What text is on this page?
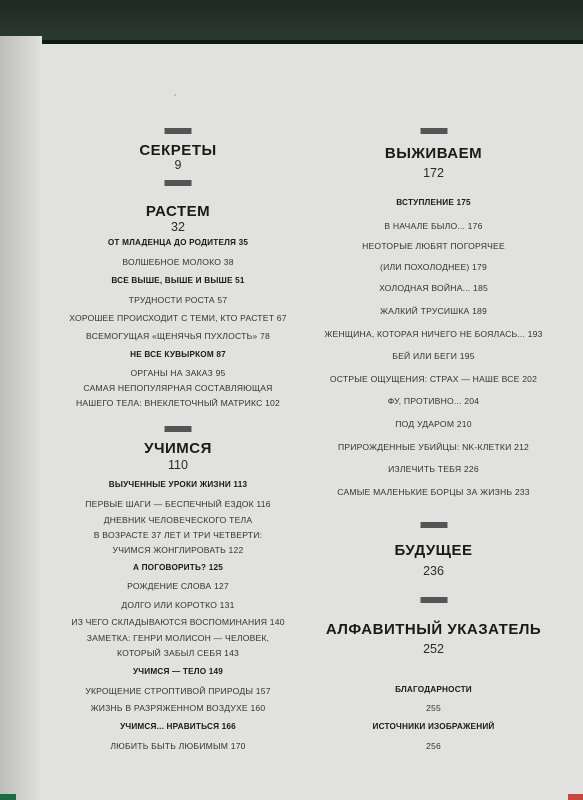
ˇ
СЕКРЕТЫ
9
РАСТЕМ
32
ОТ МЛАДЕНЦА ДО РОДИТЕЛЯ 35
ВОЛШЕБНОЕ МОЛОКО 38
ВСЕ ВЫШЕ, ВЫШЕ И ВЫШЕ 51
ТРУДНОСТИ РОСТА 57
ХОРОШЕЕ ПРОИСХОДИТ С ТЕМИ, КТО РАСТЕТ 67
ВСЕМОГУЩАЯ «ЩЕНЯЧЬЯ ПУХЛОСТЬ» 78
НЕ ВСЕ КУВЫРКОМ 87
ОРГАНЫ НА ЗАКАЗ 95
САМАЯ НЕПОПУЛЯРНАЯ СОСТАВЛЯЮЩАЯ
НАШЕГО ТЕЛА: ВНЕКЛЕТОЧНЫЙ МАТРИКС 102
УЧИМСЯ
110
ВЫУЧЕННЫЕ УРОКИ ЖИЗНИ 113
ПЕРВЫЕ ШАГИ — БЕСПЕЧНЫЙ ЕЗДОК 116
ДНЕВНИК ЧЕЛОВЕЧЕСКОГО ТЕЛА
В ВОЗРАСТЕ 37 ЛЕТ И ТРИ ЧЕТВЕРТИ:
УЧИМСЯ ЖОНГЛИРОВАТЬ 122
А ПОГОВОРИТЬ? 125
РОЖДЕНИЕ СЛОВА 127
ДОЛГО ИЛИ КОРОТКО 131
ИЗ ЧЕГО СКЛАДЫВАЮТСЯ ВОСПОМИНАНИЯ 140
ЗАМЕТКА: ГЕНРИ МОЛИСОН — ЧЕЛОВЕК,
КОТОРЫЙ ЗАБЫЛ СЕБЯ 143
УЧИМСЯ — ТЕЛО 149
УКРОЩЕНИЕ СТРОПТИВОЙ ПРИРОДЫ 157
ЖИЗНЬ В РАЗРЯЖЕННОМ ВОЗДУХЕ 160
УЧИМСЯ... НРАВИТЬСЯ 166
ЛЮБИТЬ БЫТЬ ЛЮБИМЫМ 170
ВЫЖИВАЕМ
172
ВСТУПЛЕНИЕ 175
В НАЧАЛЕ БЫЛО... 176
НЕОТОРЫЕ ЛЮБЯТ ПОГОРЯЧЕЕ
(ИЛИ ПОХОЛОДНЕЕ) 179
ХОЛОДНАЯ ВОЙНА... 185
ЖАЛКИЙ ТРУСИШКА 189
ЖЕНЩИНА, КОТОРАЯ НИЧЕГО НЕ БОЯЛАСЬ... 193
БЕЙ ИЛИ БЕГИ 195
ОСТРЫЕ ОЩУЩЕНИЯ: СТРАХ — НАШЕ ВСЕ 202
ФУ, ПРОТИВНО... 204
ПОД УДАРОМ 210
ПРИРОЖДЕННЫЕ УБИЙЦЫ: NK-КЛЕТКИ 212
ИЗЛЕЧИТЬ ТЕБЯ 226
САМЫЕ МАЛЕНЬКИЕ БОРЦЫ ЗА ЖИЗНЬ 233
БУДУЩЕЕ
236
АЛФАВИТНЫЙ УКАЗАТЕЛЬ
252
БЛАГОДАРНОСТИ
255
ИСТОЧНИКИ ИЗОБРАЖЕНИЙ
256
